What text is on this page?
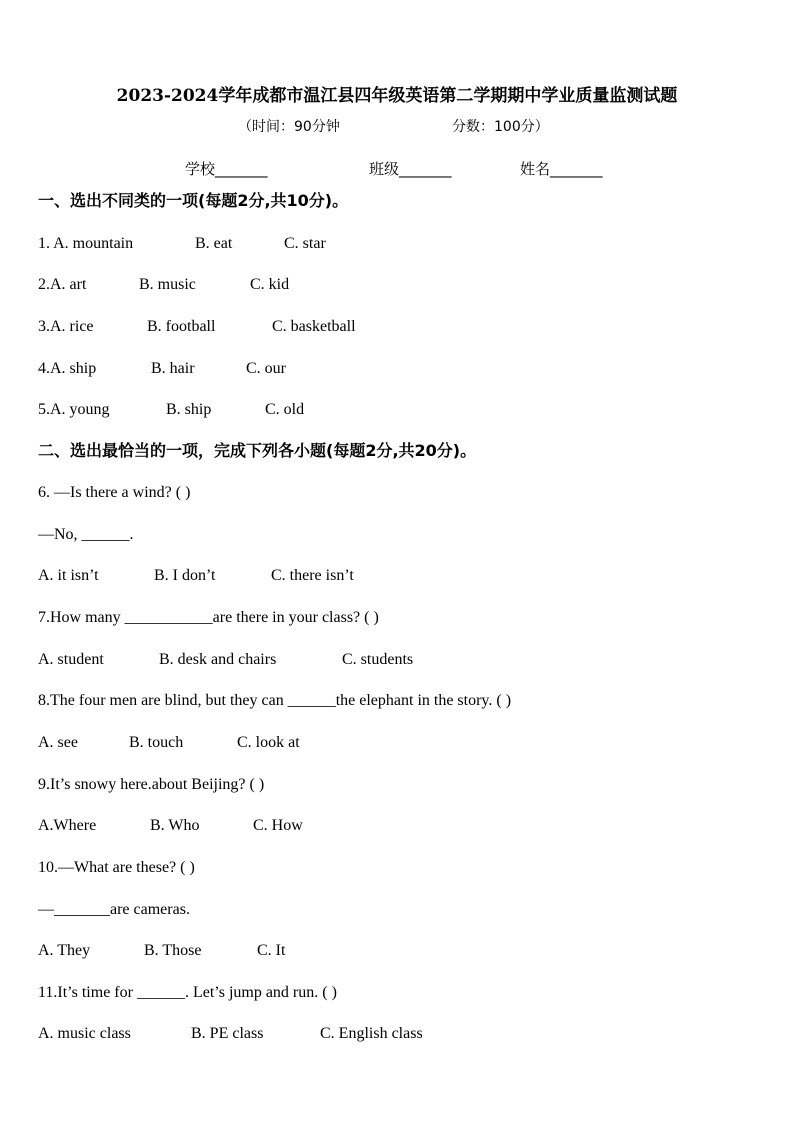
2023-2024学年成都市温江县四年级英语第二学期期中学业质量监测试题
（时间：90分钟	分数：100分）
学校_______	班级_______	姓名_______
一、选出不同类的一项(每题2分,共10分)。
1. A. mountain	B. eat	C. star
2.A. art	B. music	C. kid
3.A. rice	B. football	C. basketball
4.A. ship	B. hair	C. our
5.A. young	B. ship	C. old
二、选出最恰当的一项，完成下列各小题(每题2分,共20分)。
6. —Is there a wind? ( )
—No, ______.
A. it isn’t	B. I don’t	C. there isn’t
7.How many ___________are there in your class? ( )
A. student	B. desk and chairs	C. students
8.The four men are blind, but they can ______the elephant in the story. ( )
A. see	B. touch	C. look at
9.It’s snowy here.about Beijing? ( )
A.Where	B. Who	C. How
10.—What are these? ( )
—_______are cameras.
A. They	B. Those	C. It
11.It’s time for ______. Let’s jump and run. ( )
A. music class	B. PE class	C. English class
